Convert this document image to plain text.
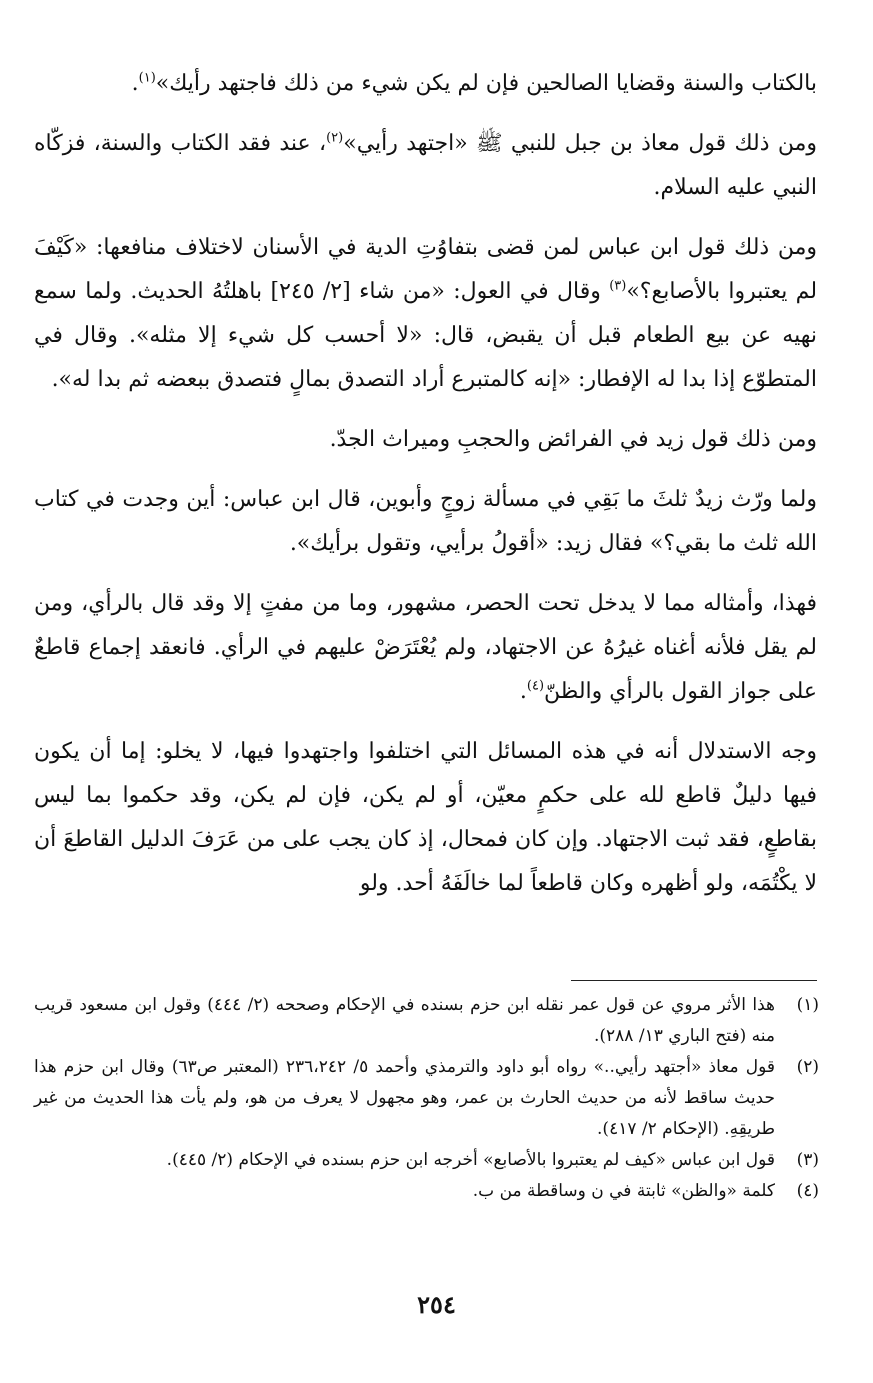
بالكتاب والسنة وقضايا الصالحين فإن لم يكن شيء من ذلك فاجتهد رأيك»$^{(١)}$.

ومن ذلك قول معاذ بن جبل للنبي ﷺ «اجتهد رأيي»$^{(٢)}$، عند فقد الكتاب والسنة، فزكّاه النبي عليه السلام.

ومن ذلك قول ابن عباس لمن قضى بتفاوُتِ الدية في الأسنان لاختلاف منافعها: «كَيْفَ لم يعتبروا بالأصابع؟»$^{(٣)}$ وقال في العول: «من شاء [٢/ ٢٤٥] باهلتُهُ الحديث. ولما سمع نهيه عن بيع الطعام قبل أن يقبض، قال: «لا أحسب كل شيء إلا مثله». وقال في المتطوّع إذا بدا له الإفطار: «إنه كالمتبرع أراد التصدق بمالٍ فتصدق ببعضه ثم بدا له».

ومن ذلك قول زيد في الفرائض والحجبِ وميراث الجدّ.

ولما ورّث زيدٌ ثلثَ ما بَقِي في مسألة زوجٍ وأبوين، قال ابن عباس: أين وجدت في كتاب الله ثلث ما بقي؟» فقال زيد: «أقولُ برأيي، وتقول برأيك».

فهذا، وأمثاله مما لا يدخل تحت الحصر، مشهور، وما من مفتٍ إلا وقد قال بالرأي، ومن لم يقل فلأنه أغناه غيرُهُ عن الاجتهاد، ولم يُعْتَرَضْ عليهم في الرأي. فانعقد إجماع قاطعٌ على جواز القول بالرأي والظنّ$^{(٤)}$.

وجه الاستدلال أنه في هذه المسائل التي اختلفوا واجتهدوا فيها، لا يخلو: إما أن يكون فيها دليلٌ قاطع لله على حكمٍ معيّن، أو لم يكن، فإن لم يكن، وقد حكموا بما ليس بقاطعٍ، فقد ثبت الاجتهاد. وإن كان فمحال، إذ كان يجب على من عَرَفَ الدليل القاطعَ أن لا يكْتُمَه، ولو أظهره وكان قاطعاً لما خالَفَهُ أحد. ولو

(١)
هذا الأثر مروي عن قول عمر نقله ابن حزم بسنده في الإحكام وصححه (٢/ ٤٤٤) وقول ابن مسعود قريب منه (فتح الباري ١٣/ ٢٨٨).
(٢)
قول معاذ «أجتهد رأيي..» رواه أبو داود والترمذي وأحمد ٥/ ٢٣٦،٢٤٢ (المعتبر ص٦٣) وقال ابن حزم هذا حديث ساقط لأنه من حديث الحارث بن عمر، وهو مجهول لا يعرف من هو، ولم يأت هذا الحديث من غير طريقِهِ. (الإحكام ٢/ ٤١٧).
(٣)
قول ابن عباس «كيف لم يعتبروا بالأصابع» أخرجه ابن حزم بسنده في الإحكام (٢/ ٤٤٥).
(٤)
كلمة «والظن» ثابتة في ن وساقطة من ب.
٢٥٤
